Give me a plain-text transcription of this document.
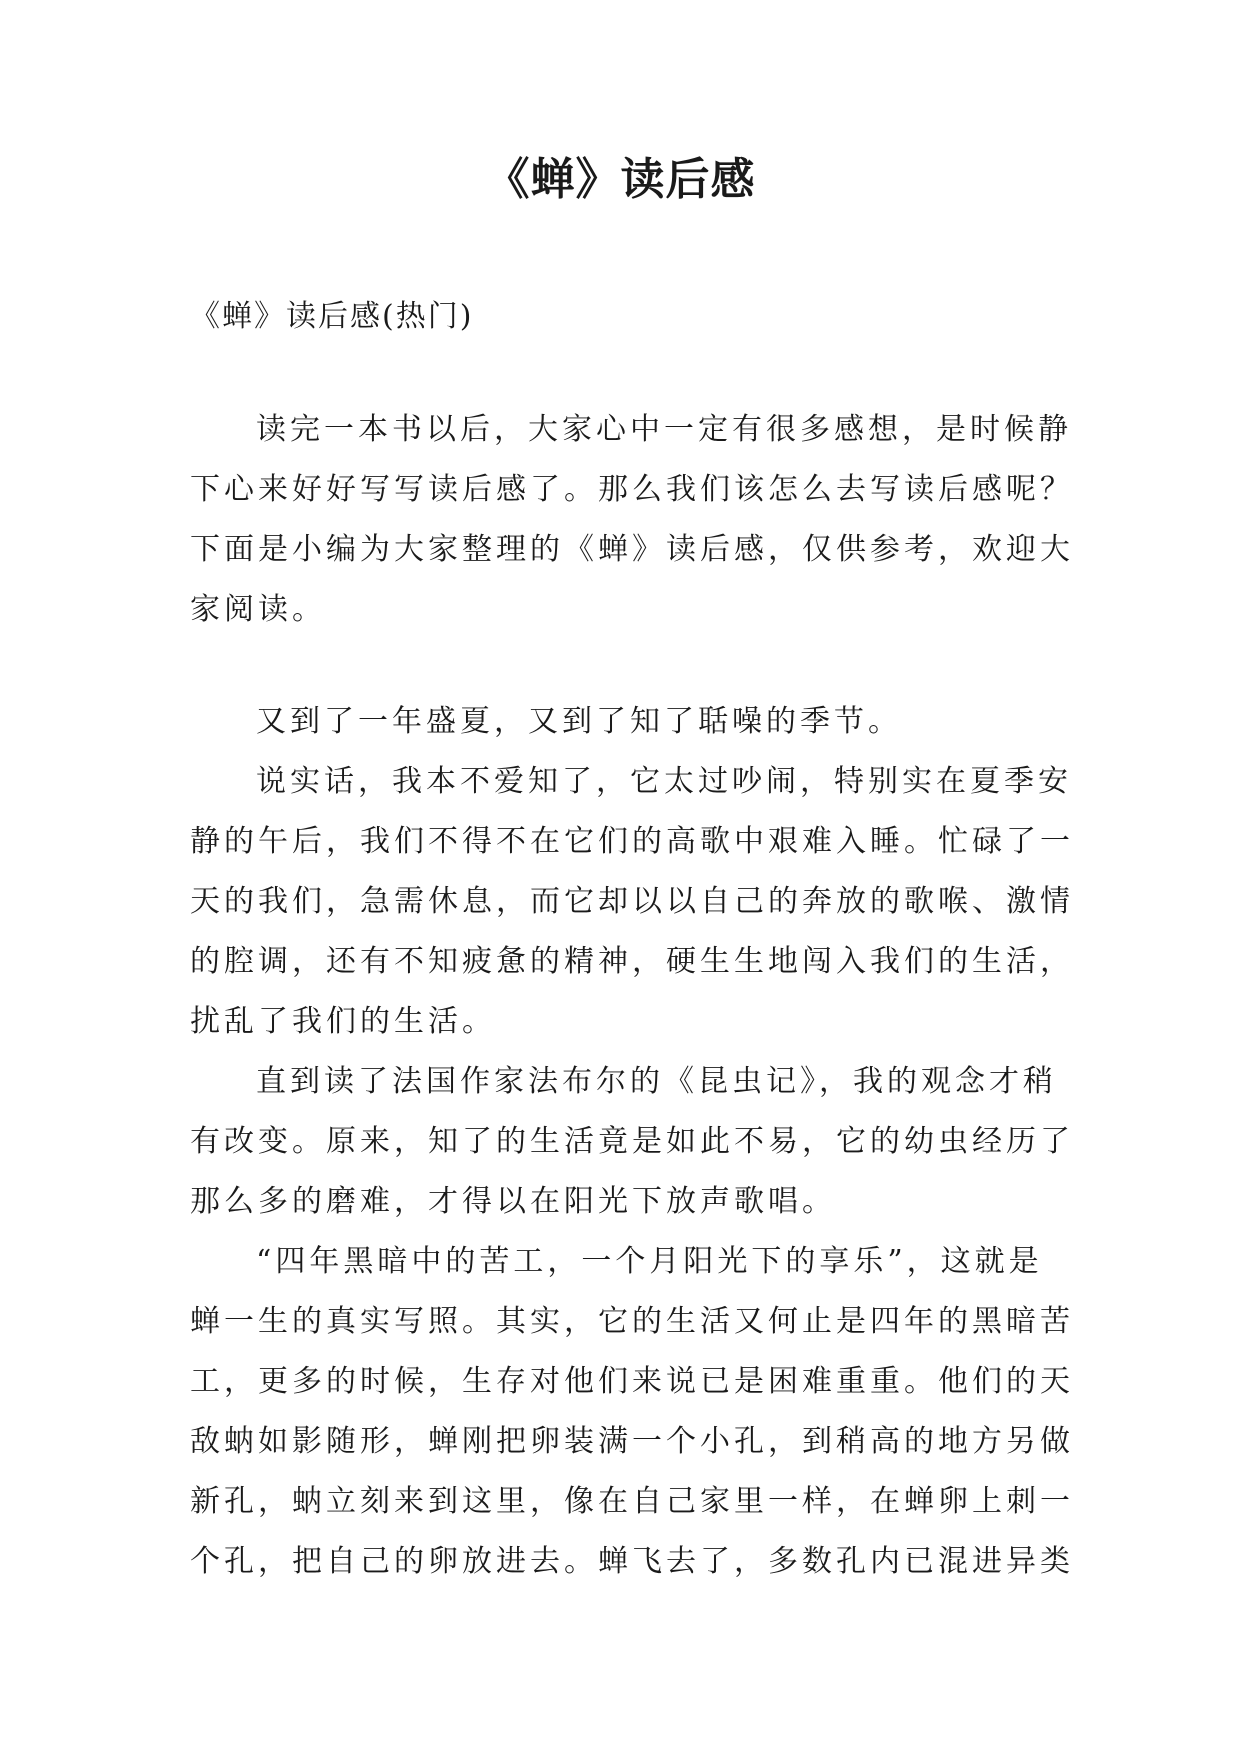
《蝉》读后感
《蝉》读后感(热门)
读完一本书以后，大家心中一定有很多感想，是时候静
下心来好好写写读后感了。那么我们该怎么去写读后感呢？
下面是小编为大家整理的《蝉》读后感，仅供参考，欢迎大
家阅读。
又到了一年盛夏，又到了知了聒噪的季节。
说实话，我本不爱知了，它太过吵闹，特别实在夏季安
静的午后，我们不得不在它们的高歌中艰难入睡。忙碌了一
天的我们，急需休息，而它却以以自己的奔放的歌喉、激情
的腔调，还有不知疲惫的精神，硬生生地闯入我们的生活，
扰乱了我们的生活。
直到读了法国作家法布尔的《昆虫记》，我的观念才稍
有改变。原来，知了的生活竟是如此不易，它的幼虫经历了
那么多的磨难，才得以在阳光下放声歌唱。
“四年黑暗中的苦工，一个月阳光下的享乐”，这就是
蝉一生的真实写照。其实，它的生活又何止是四年的黑暗苦
工，更多的时候，生存对他们来说已是困难重重。他们的天
敌蚋如影随形，蝉刚把卵装满一个小孔，到稍高的地方另做
新孔，蚋立刻来到这里，像在自己家里一样，在蝉卵上刺一
个孔，把自己的卵放进去。蝉飞去了，多数孔内已混进异类
